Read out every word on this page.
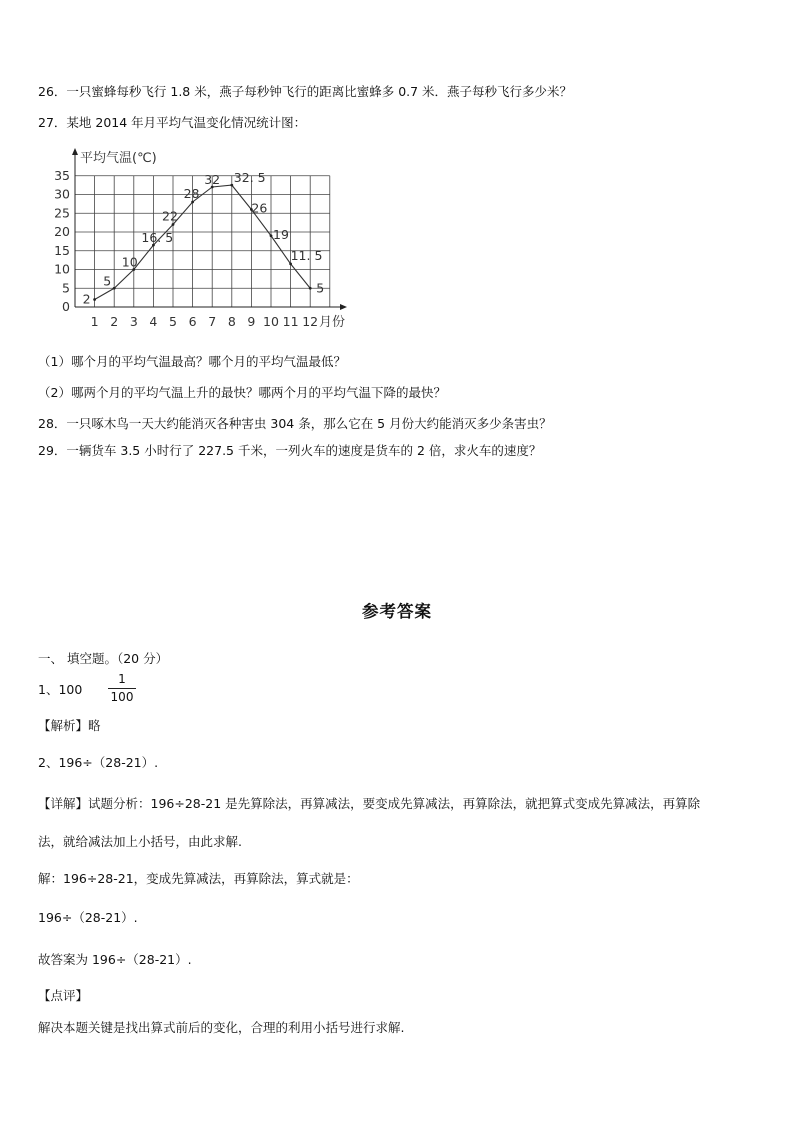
26．一只蜜蜂每秒飞行 1.8 米，燕子每秒钟飞行的距离比蜜蜂多 0.7 米．燕子每秒飞行多少米？
27．某地 2014 年月平均气温变化情况统计图：
0
5
10
15
20
25
30
35
1 2 3 4 5 6 7 8 9 10 11 12
2
5
10
16. 5
22
28
32 32. 5
26
19
11. 5
5
平均气温(℃)
月份
（1）哪个月的平均气温最高？哪个月的平均气温最低？
（2）哪两个月的平均气温上升的最快？哪两个月的平均气温下降的最快？
28．一只啄木鸟一天大约能消灭各种害虫 304 条，那么它在 5 月份大约能消灭多少条害虫？
29．一辆货车 3.5 小时行了 227.5 千米，一列火车的速度是货车的 2 倍，求火车的速度？
参考答案
一、 填空题。（20 分）
1、100
1
100
【解析】略
2、196÷（28-21）.
【详解】试题分析：196÷28-21 是先算除法，再算减法，要变成先算减法，再算除法，就把算式变成先算减法，再算除
法，就给减法加上小括号，由此求解.
解：196÷28-21，变成先算减法，再算除法，算式就是：
196÷（28-21）.
故答案为 196÷（28-21）.
【点评】
解决本题关键是找出算式前后的变化，合理的利用小括号进行求解.
